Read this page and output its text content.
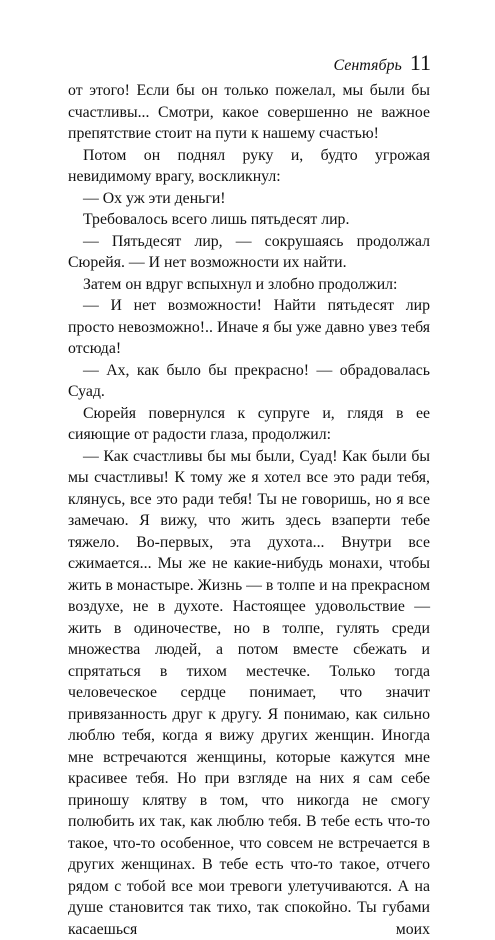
Сентябрь 11

от этого! Если бы он только пожелал, мы были бы счастливы... Смотри, какое совершенно не важное препятствие стоит на пути к нашему счастью!

Потом он поднял руку и, будто угрожая невидимому врагу, воскликнул:

— Ох уж эти деньги!

Требовалось всего лишь пятьдесят лир.

— Пятьдесят лир, — сокрушаясь продолжал Сюрейя. — И нет возможности их найти.

Затем он вдруг вспыхнул и злобно продолжил:

— И нет возможности! Найти пятьдесят лир просто невозможно!.. Иначе я бы уже давно увез тебя отсюда!

— Ах, как было бы прекрасно! — обрадовалась Суад.

Сюрейя повернулся к супруге и, глядя в ее сияющие от радости глаза, продолжил:

— Как счастливы бы мы были, Суад! Как были бы мы счастливы! К тому же я хотел все это ради тебя, клянусь, все это ради тебя! Ты не говоришь, но я все замечаю. Я вижу, что жить здесь взаперти тебе тяжело. Во-первых, эта духота... Внутри все сжимается... Мы же не какие-нибудь монахи, чтобы жить в монастыре. Жизнь — в толпе и на прекрасном воздухе, не в духоте. Настоящее удовольствие — жить в одиночестве, но в толпе, гулять среди множества людей, а потом вместе сбежать и спрятаться в тихом местечке. Только тогда человеческое сердце понимает, что значит привязанность друг к другу. Я понимаю, как сильно люблю тебя, когда я вижу других женщин. Иногда мне встречаются женщины, которые кажутся мне красивее тебя. Но при взгляде на них я сам себе приношу клятву в том, что никогда не смогу полюбить их так, как люблю тебя. В тебе есть что-то такое, что-то особенное, что совсем не встречается в других женщинах. В тебе есть что-то такое, отчего рядом с тобой все мои тревоги улетучиваются. А на душе становится так тихо, так спокойно. Ты губами касаешься моих
